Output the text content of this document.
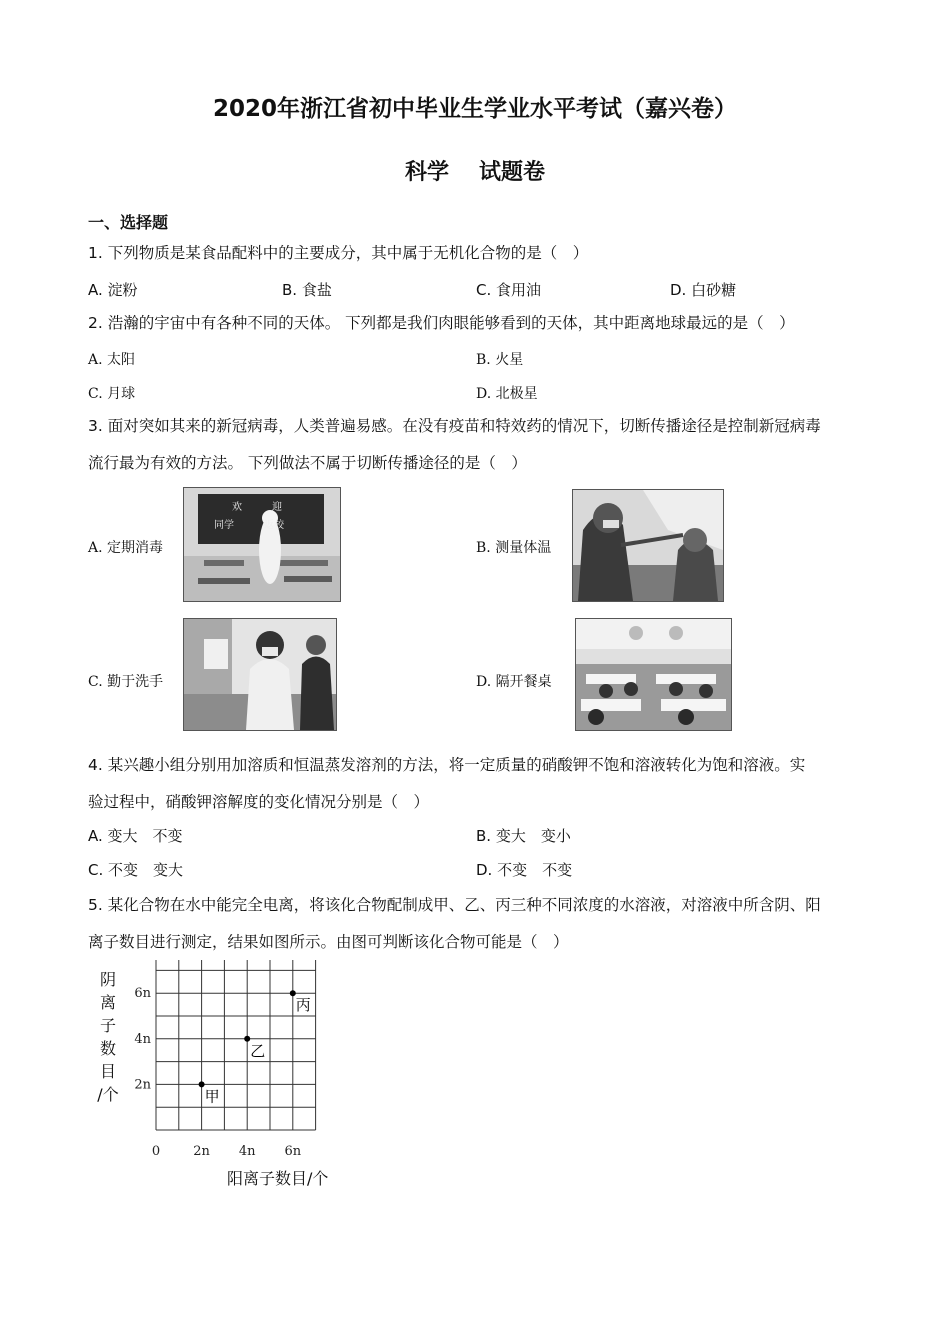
2020年浙江省初中毕业生学业水平考试（嘉兴卷）
科学 试题卷
一、选择题
1. 下列物质是某食品配料中的主要成分，其中属于无机化合物的是（　）
A. 淀粉	B. 食盐	C. 食用油	D. 白砂糖
2. 浩瀚的宇宙中有各种不同的天体。 下列都是我们肉眼能够看到的天体，其中距离地球最远的是（　）
A. 太阳	B. 火星
C. 月球	D. 北极星
3. 面对突如其来的新冠病毒，人类普遍易感。在没有疫苗和特效药的情况下，切断传播途径是控制新冠病毒
流行最为有效的方法。 下列做法不属于切断传播途径的是（　）
A. 定期消毒
欢	迎
同学	返校
B. 测量体温
C. 勤于洗手	D. 隔开餐桌
4. 某兴趣小组分别用加溶质和恒温蒸发溶剂的方法，将一定质量的硝酸钾不饱和溶液转化为饱和溶液。实
验过程中，硝酸钾溶解度的变化情况分别是（　）
A. 变大　不变	B. 变大　变小
C. 不变　变大	D. 不变　不变
5. 某化合物在水中能完全电离，将该化合物配制成甲、乙、丙三种不同浓度的水溶液，对溶液中所含阴、阳
离子数目进行测定，结果如图所示。由图可判断该化合物可能是（　）
阴
离
子
数
目
/个
0	2n 4n 6n
2n
4n
6n
甲
乙
丙
阳离子数目/个
